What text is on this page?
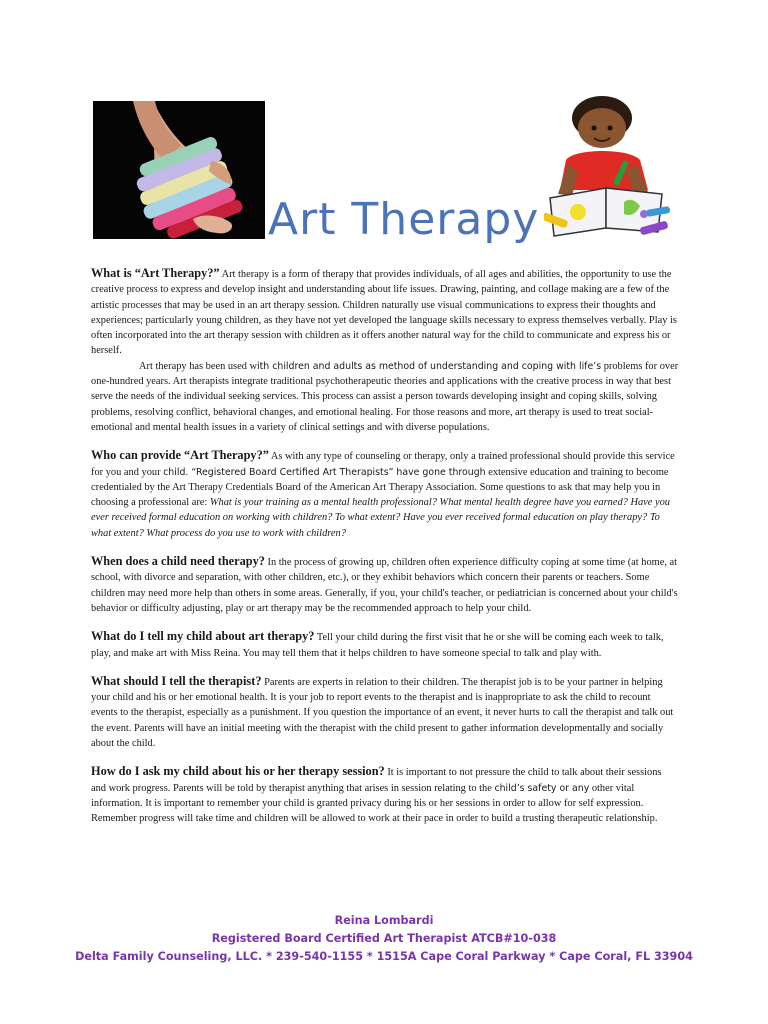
Art Therapy

What is “Art Therapy?” Art therapy is a form of therapy that provides individuals, of all ages and abilities, the opportunity to use the creative process to express and develop insight and understanding about life issues. Drawing, painting, and collage making are a few of the artistic processes that may be used in an art therapy session. Children naturally use visual communications to express their thoughts and experiences; particularly young children, as they have not yet developed the language skills necessary to express themselves verbally. Play is often incorporated into the art therapy session with children as it offers another natural way for the child to communicate and express his or herself.

Art therapy has been used with children and adults as method of understanding and coping with life’s problems for over one-hundred years. Art therapists integrate traditional psychotherapeutic theories and applications with the creative process in way that best serve the needs of the individual seeking services. This process can assist a person towards developing insight and coping skills, solving problems, resolving conflict, behavioral changes, and emotional healing. For those reasons and more, art therapy is used to treat social-emotional and mental health issues in a variety of clinical settings and with diverse populations.

Who can provide “Art Therapy?” As with any type of counseling or therapy, only a trained professional should provide this service for you and your child. “Registered Board Certified Art Therapists” have gone through extensive education and training to become credentialed by the Art Therapy Credentials Board of the American Art Therapy Association. Some questions to ask that may help you in choosing a professional are: What is your training as a mental health professional? What mental health degree have you earned? Have you ever received formal education on working with children? To what extent? Have you ever received formal education on play therapy? To what extent? What process do you use to work with children?

When does a child need therapy? In the process of growing up, children often experience difficulty coping at some time (at home, at school, with divorce and separation, with other children, etc.), or they exhibit behaviors which concern their parents or teachers. Some children may need more help than others in some areas. Generally, if you, your child's teacher, or pediatrician is concerned about your child's behavior or difficulty adjusting, play or art therapy may be the recommended approach to help your child.

What do I tell my child about art therapy? Tell your child during the first visit that he or she will be coming each week to talk, play, and make art with Miss Reina. You may tell them that it helps children to have someone special to talk and play with.

What should I tell the therapist? Parents are experts in relation to their children. The therapist job is to be your partner in helping your child and his or her emotional health. It is your job to report events to the therapist and is inappropriate to ask the child to recount events to the therapist, especially as a punishment. If you question the importance of an event, it never hurts to call the therapist and talk out the event. Parents will have an initial meeting with the therapist with the child present to gather information developmentally and socially about the child.

How do I ask my child about his or her therapy session? It is important to not pressure the child to talk about their sessions and work progress. Parents will be told by therapist anything that arises in session relating to the child’s safety or any other vital information. It is important to remember your child is granted privacy during his or her sessions in order to allow for self expression. Remember progress will take time and children will be allowed to work at their pace in order to build a trusting therapeutic relationship.

Reina Lombardi
Registered Board Certified Art Therapist ATCB#10-038
Delta Family Counseling, LLC. * 239-540-1155 * 1515A Cape Coral Parkway * Cape Coral, FL 33904
